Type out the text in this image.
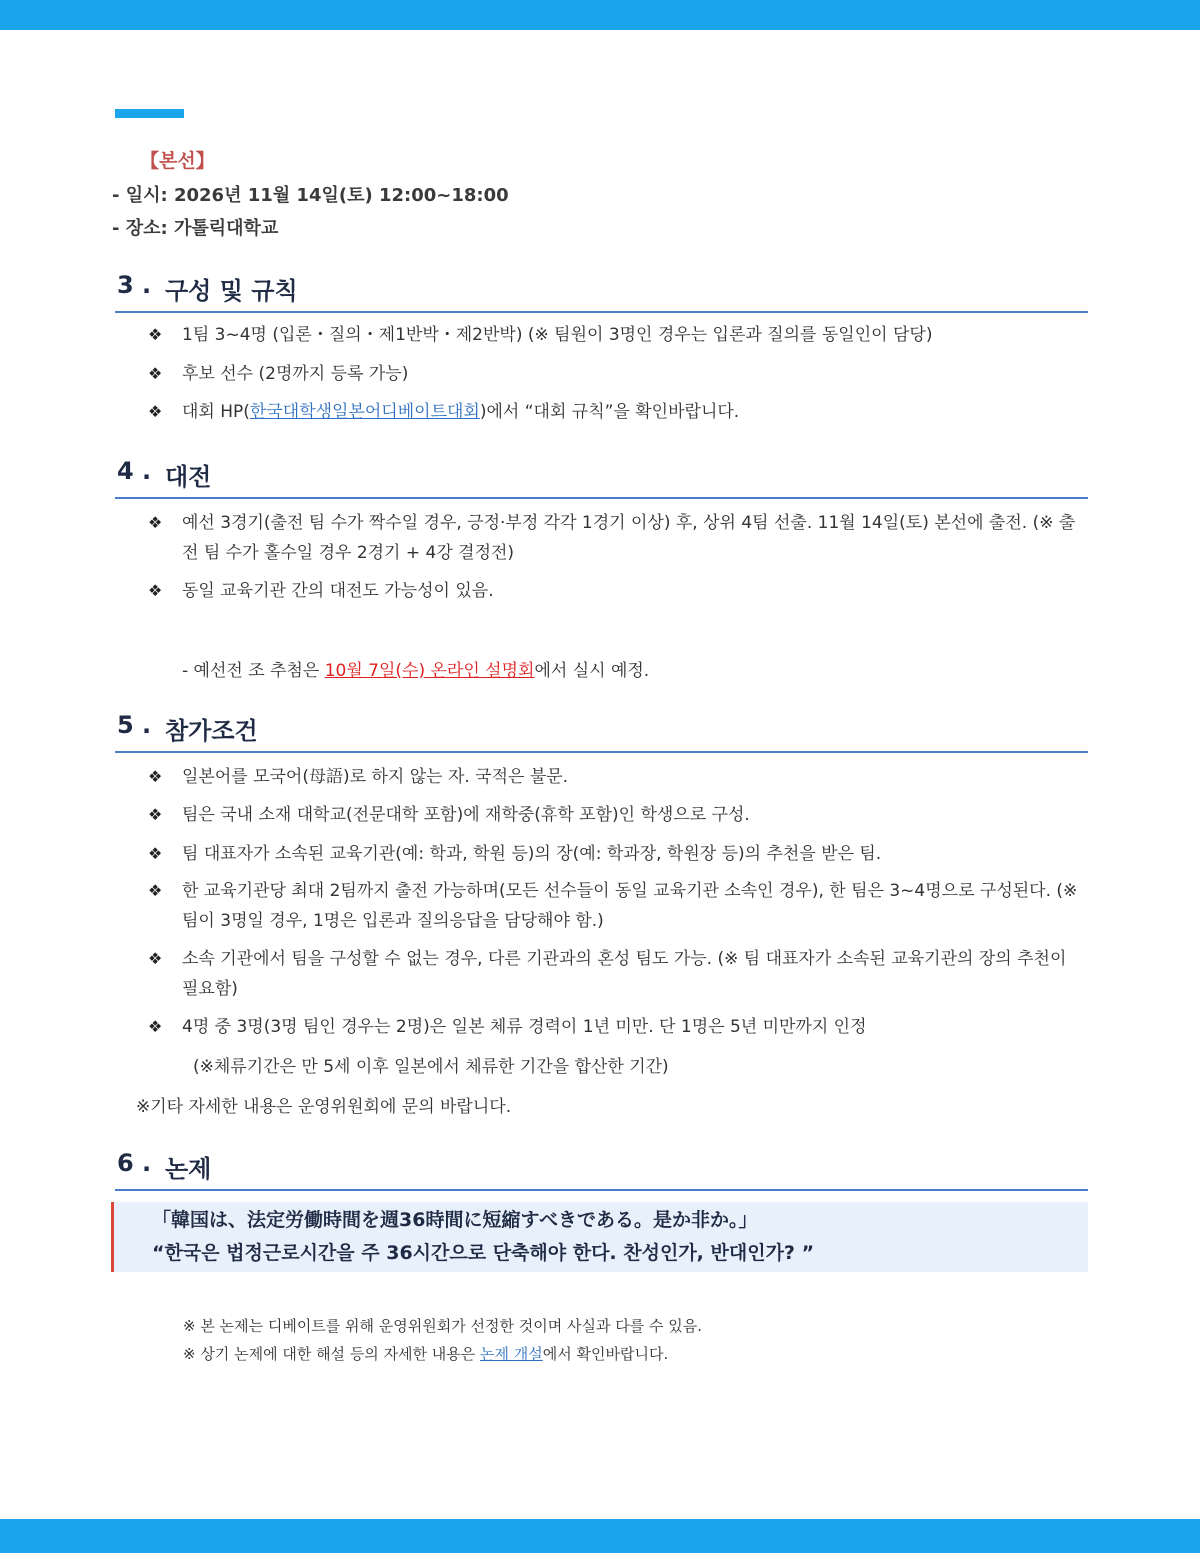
【본선】
- 일시: 2026년 11월 14일(토) 12:00~18:00
- 장소: 가톨릭대학교
3 . 구성 및 규칙
❖ 1팀 3~4명 (입론・질의・제1반박・제2반박) (※ 팀원이 3명인 경우는 입론과 질의를 동일인이 담당)
❖ 후보 선수 (2명까지 등록 가능)
❖ 대회 HP(한국대학생일본어디베이트대회)에서 “대회 규칙”을 확인바랍니다.
4 . 대전
❖ 예선 3경기(출전 팀 수가 짝수일 경우, 긍정·부정 각각 1경기 이상) 후, 상위 4팀 선출. 11월 14일(토) 본선에 출전. (※ 출전 팀 수가 홀수일 경우 2경기 + 4강 결정전)
❖ 동일 교육기관 간의 대전도 가능성이 있음.
- 예선전 조 추첨은 10월 7일(수) 온라인 설명회에서 실시 예정.
5 . 참가조건
❖ 일본어를 모국어(母語)로 하지 않는 자. 국적은 불문.
❖ 팀은 국내 소재 대학교(전문대학 포함)에 재학중(휴학 포함)인 학생으로 구성.
❖ 팀 대표자가 소속된 교육기관(예: 학과, 학원 등)의 장(예: 학과장, 학원장 등)의 추천을 받은 팀.
❖ 한 교육기관당 최대 2팀까지 출전 가능하며(모든 선수들이 동일 교육기관 소속인 경우), 한 팀은 3~4명으로 구성된다. (※ 팀이 3명일 경우, 1명은 입론과 질의응답을 담당해야 함.)
❖ 소속 기관에서 팀을 구성할 수 없는 경우, 다른 기관과의 혼성 팀도 가능. (※ 팀 대표자가 소속된 교육기관의 장의 추천이 필요함)
❖ 4명 중 3명(3명 팀인 경우는 2명)은 일본 체류 경력이 1년 미만. 단 1명은 5년 미만까지 인정
(※체류기간은 만 5세 이후 일본에서 체류한 기간을 합산한 기간)
※기타 자세한 내용은 운영위원회에 문의 바랍니다.
6 . 논제
「韓国は、法定労働時間を週36時間に短縮すべきである。是か非か。」
“한국은 법정근로시간을 주 36시간으로 단축해야 한다. 찬성인가, 반대인가? ”
※ 본 논제는 디베이트를 위해 운영위원회가 선정한 것이며 사실과 다를 수 있음.
※ 상기 논제에 대한 해설 등의 자세한 내용은 논제 개설에서 확인바랍니다.
